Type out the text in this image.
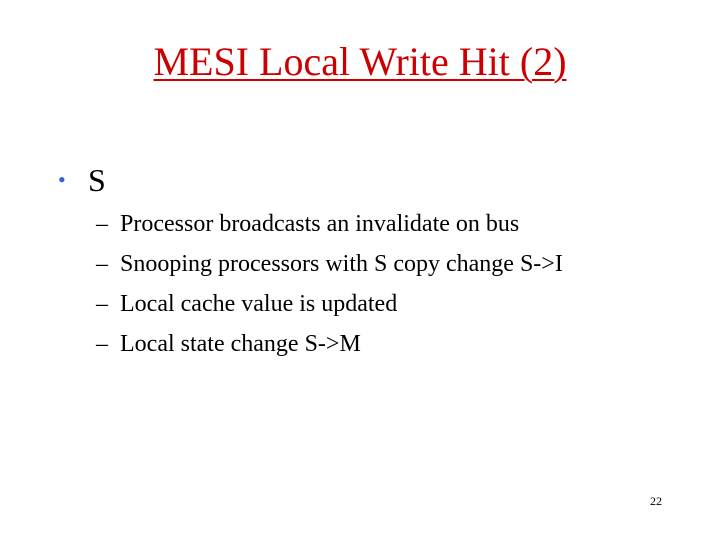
MESI Local Write Hit (2)
• S
– Processor broadcasts an invalidate on bus
– Snooping processors with S copy change S->I
– Local cache value is updated
– Local state change S->M
22
